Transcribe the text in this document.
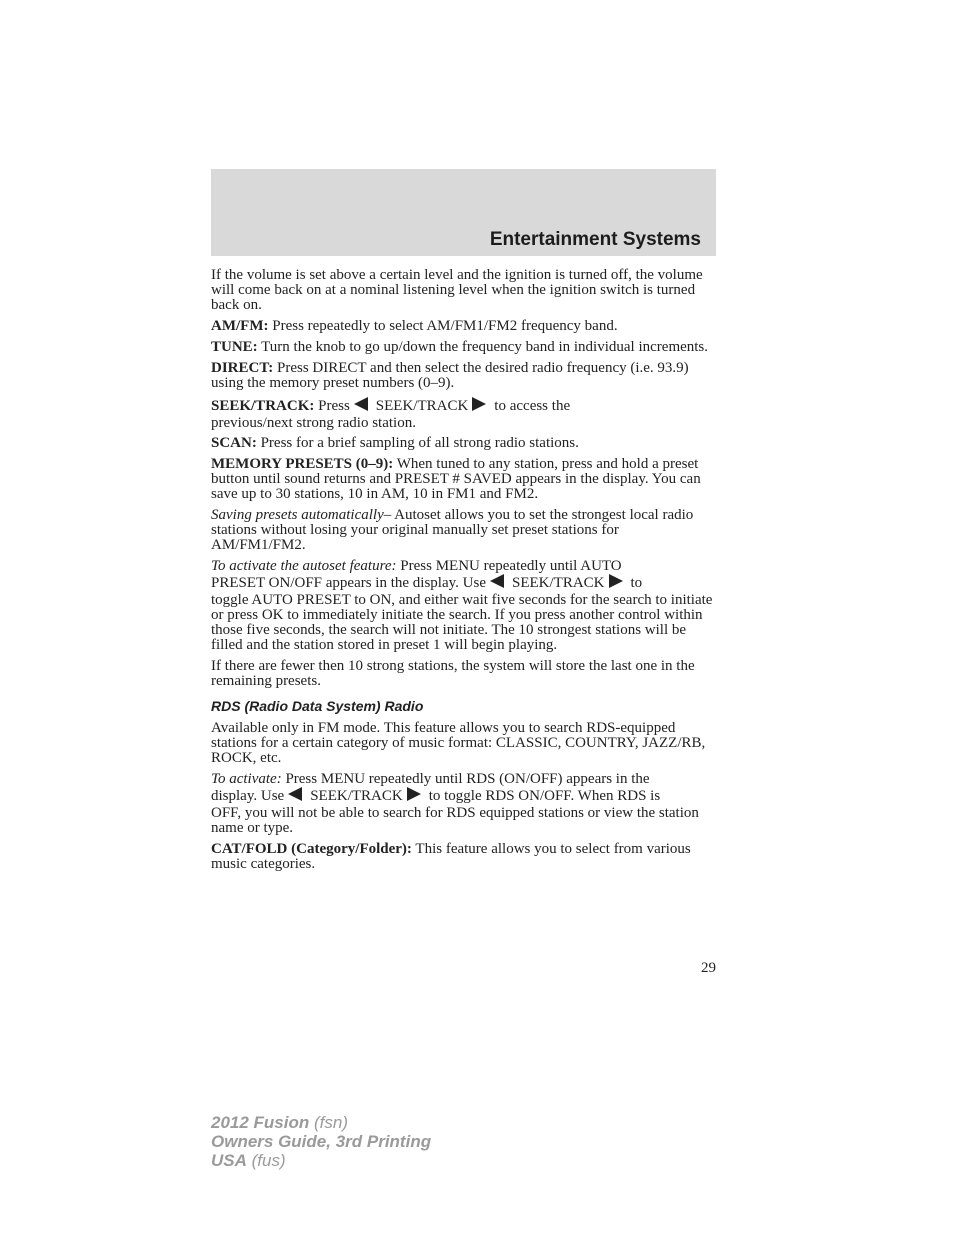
Entertainment Systems

If the volume is set above a certain level and the ignition is turned off, the volume will come back on at a nominal listening level when the ignition switch is turned back on.

AM/FM: Press repeatedly to select AM/FM1/FM2 frequency band.

TUNE: Turn the knob to go up/down the frequency band in individual increments.

DIRECT: Press DIRECT and then select the desired radio frequency (i.e. 93.9) using the memory preset numbers (0–9).

SEEK/TRACK: Press SEEK/TRACK to access the
previous/next strong radio station.

SCAN: Press for a brief sampling of all strong radio stations.

MEMORY PRESETS (0–9): When tuned to any station, press and hold a preset button until sound returns and PRESET # SAVED appears in the display. You can save up to 30 stations, 10 in AM, 10 in FM1 and FM2.

Saving presets automatically– Autoset allows you to set the strongest local radio stations without losing your original manually set preset stations for AM/FM1/FM2.

To activate the autoset feature: Press MENU repeatedly until AUTO
PRESET ON/OFF appears in the display. Use SEEK/TRACK to
toggle AUTO PRESET to ON, and either wait five seconds for the search to initiate or press OK to immediately initiate the search. If you press another control within those five seconds, the search will not initiate. The 10 strongest stations will be filled and the station stored in preset 1 will begin playing.

If there are fewer then 10 strong stations, the system will store the last one in the remaining presets.

RDS (Radio Data System) Radio

Available only in FM mode. This feature allows you to search RDS-equipped stations for a certain category of music format: CLASSIC, COUNTRY, JAZZ/RB, ROCK, etc.

To activate: Press MENU repeatedly until RDS (ON/OFF) appears in the
display. Use SEEK/TRACK to toggle RDS ON/OFF. When RDS is
OFF, you will not be able to search for RDS equipped stations or view the station name or type.

CAT/FOLD (Category/Folder): This feature allows you to select from various music categories.

29
2012 Fusion (fsn)
Owners Guide, 3rd Printing
USA (fus)
